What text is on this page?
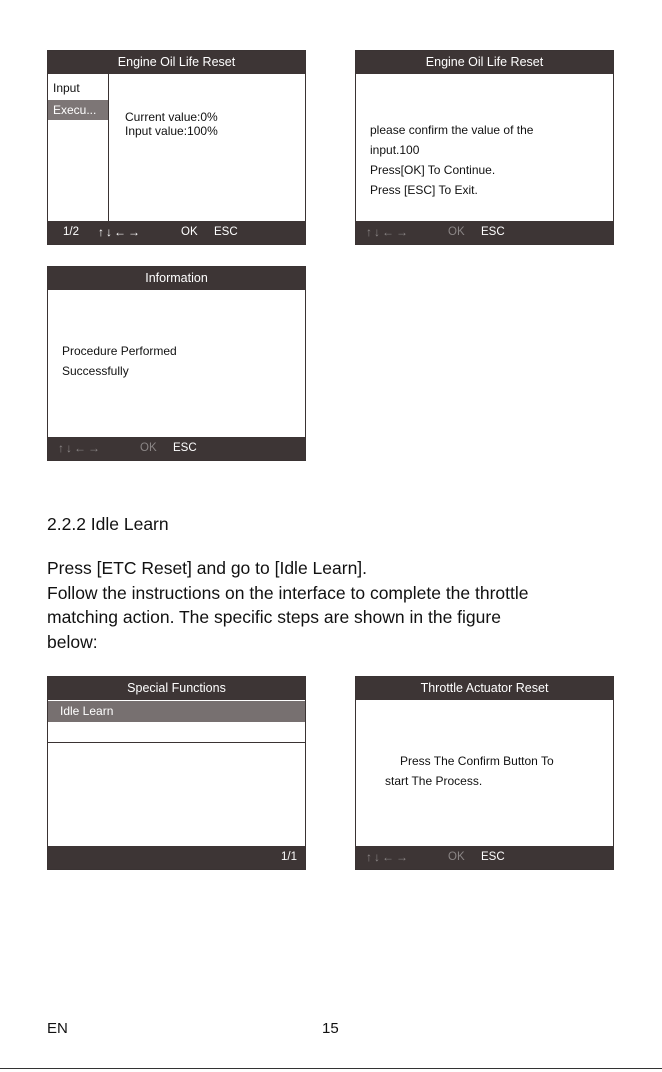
Engine Oil Life Reset
Input
Execu...	Current value:0%
Input value:100%
1/2 ↑↓←→	OK ESC
Engine Oil Life Reset
please confirm the value of the
input.100
Press[OK] To Continue.
Press [ESC] To Exit.
↑↓←→	OK ESC
Information
Procedure Performed
Successfully
↑↓←→	OK ESC
2.2.2 Idle Learn
Press [ETC Reset] and go to [Idle Learn].
Follow the instructions on the interface to complete the throttle
matching action. The specific steps are shown in the figure
below:
Special Functions
Idle Learn
1/1
Throttle Actuator Reset
Press The Confirm Button To
start The Process.
↑↓←→	OK ESC
EN	15
